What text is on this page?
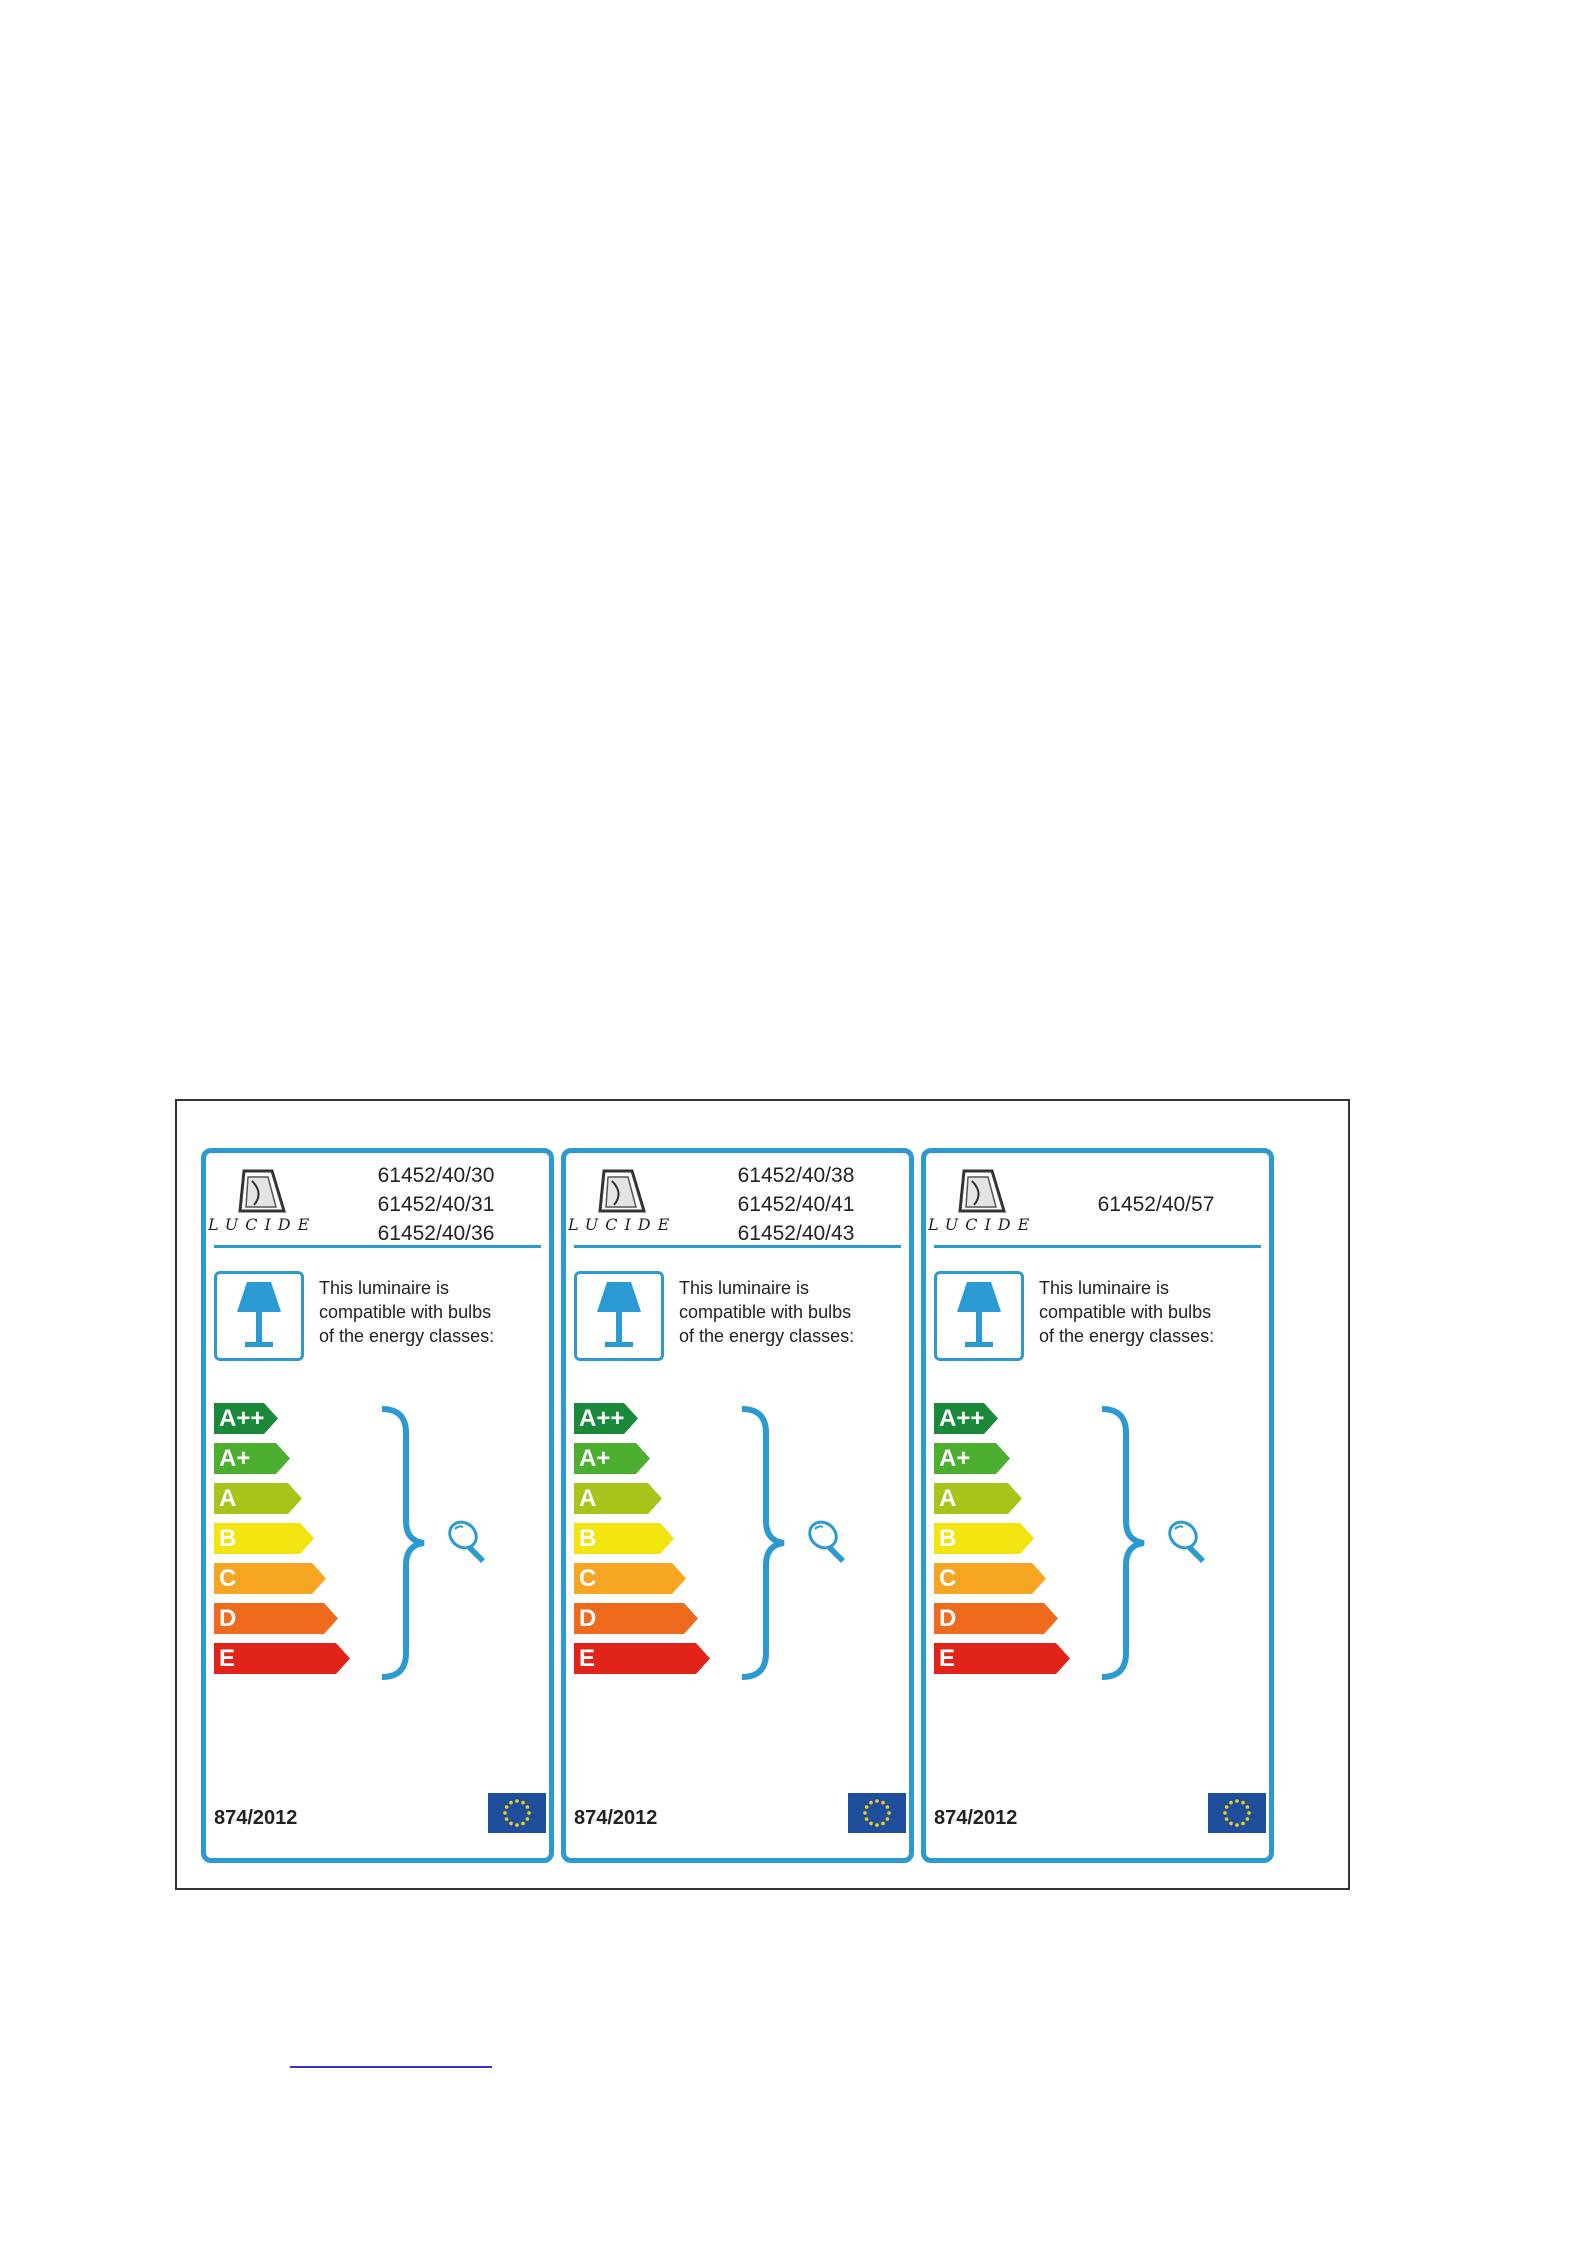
LUCIDE
61452/40/30
61452/40/31
61452/40/36
This luminaire is
compatible with bulbs
of the energy classes:
A++
A+
A
B
C
D
E
874/2012
LUCIDE
61452/40/38
61452/40/41
61452/40/43
This luminaire is
compatible with bulbs
of the energy classes:
A++
A+
A
B
C
D
E
874/2012
LUCIDE
61452/40/57
This luminaire is
compatible with bulbs
of the energy classes:
A++
A+
A
B
C
D
E
874/2012
